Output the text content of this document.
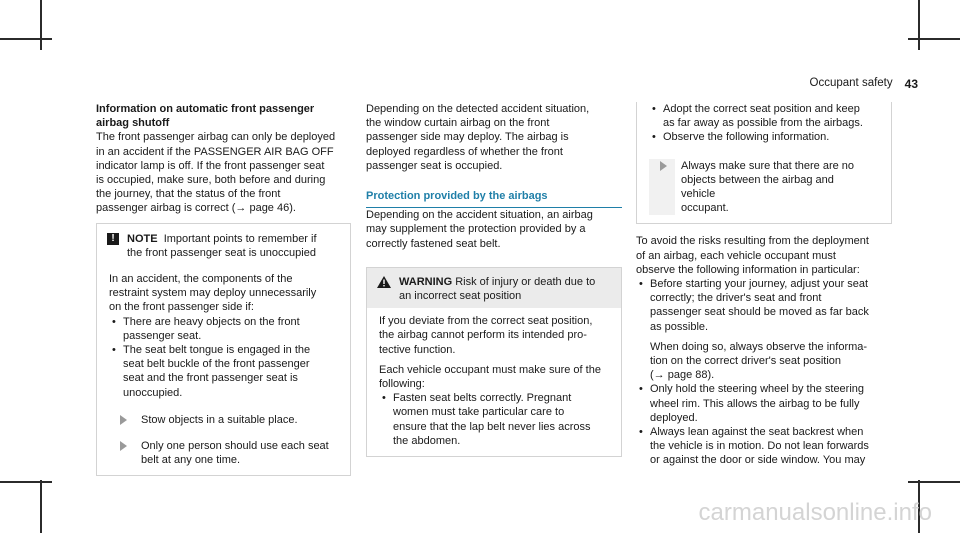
Occupant safety 43

Information on automatic front passenger

airbag shutoff

The front passenger airbag can only be deployed

in an accident if the PASSENGER AIR BAG OFF

indicator lamp is off. If the front passenger seat

is occupied, make sure, both before and during

the journey, that the status of the front

passenger airbag is correct (→ page 46).

!	NOTE Important points to remember if

the front passenger seat is unoccupied

In an accident, the components of the

restraint system may deploy unnecessarily

on the front passenger side if:

• There are heavy objects on the front

passenger seat.

• The seat belt tongue is engaged in the

seat belt buckle of the front passenger

seat and the front passenger seat is

unoccupied.

Stow objects in a suitable place.

Only one person should use each seat

belt at any one time.

Depending on the detected accident situation,

the window curtain airbag on the front

passenger side may deploy. The airbag is

deployed regardless of whether the front

passenger seat is occupied.

Protection provided by the airbags

Depending on the accident situation, an airbag

may supplement the protection provided by a

correctly fastened seat belt.

WARNING Risk of injury or death due to

an incorrect seat position

If you deviate from the correct seat position,

the airbag cannot perform its intended pro-

tective function.

Each vehicle occupant must make sure of the

following:

• Fasten seat belts correctly. Pregnant

women must take particular care to

ensure that the lap belt never lies across

the abdomen.

• Adopt the correct seat position and keep

as far away as possible from the airbags.

• Observe the following information.

Always make sure that there are no

objects between the airbag and vehicle

occupant.

To avoid the risks resulting from the deployment

of an airbag, each vehicle occupant must

observe the following information in particular:

• Before starting your journey, adjust your seat

correctly; the driver's seat and front

passenger seat should be moved as far back

as possible.

When doing so, always observe the informa-

tion on the correct driver's seat position

(→ page 88).

• Only hold the steering wheel by the steering

wheel rim. This allows the airbag to be fully

deployed.

• Always lean against the seat backrest when

the vehicle is in motion. Do not lean forwards

or against the door or side window. You may

carmanualsonline.info
